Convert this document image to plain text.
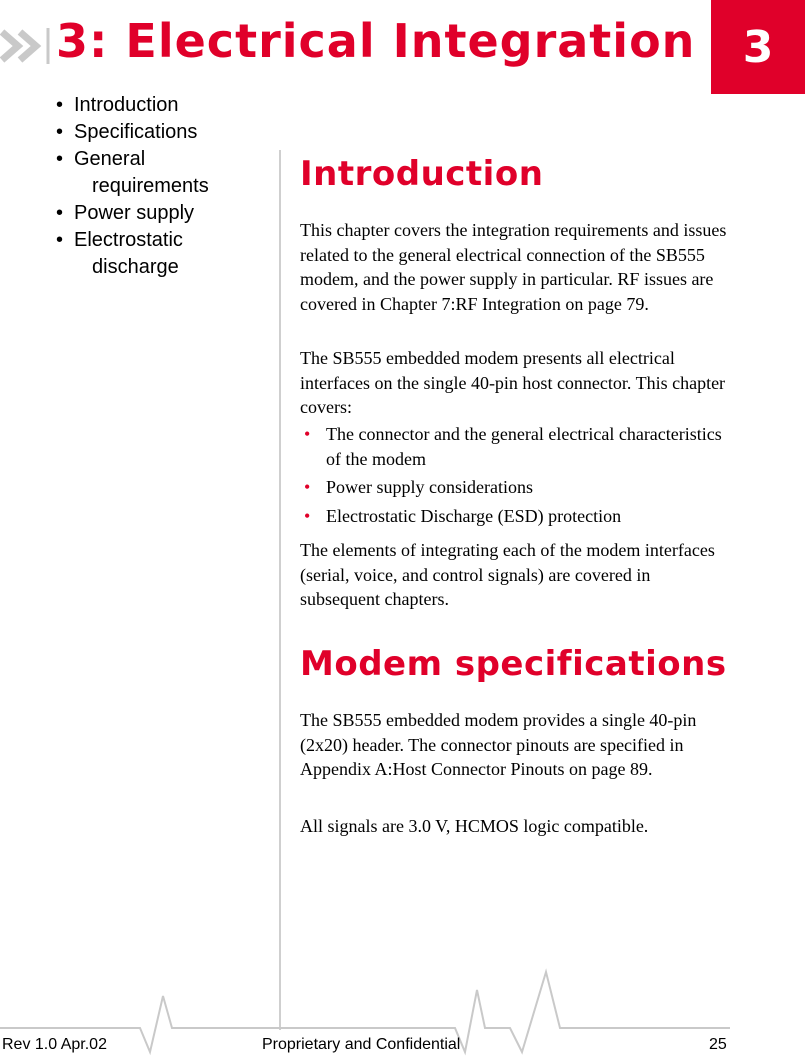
3: Electrical Integration 3
• Introduction
• Specifications
• General
requirements
• Power supply
• Electrostatic
discharge
Introduction

This chapter covers the integration requirements and issues related to the general electrical connection of the SB555 modem, and the power supply in particular. RF issues are covered in Chapter 7:RF Integration on page 79.

The SB555 embedded modem presents all electrical interfaces on the single 40-pin host connector. This chapter covers:

• The connector and the general electrical characteristics of the modem
• Power supply considerations
• Electrostatic Discharge (ESD) protection

The elements of integrating each of the modem interfaces (serial, voice, and control signals) are covered in subsequent chapters.

Modem specifications

The SB555 embedded modem provides a single 40-pin (2x20) header. The connector pinouts are specified in Appendix A:Host Connector Pinouts on page 89.

All signals are 3.0 V, HCMOS logic compatible.

Rev 1.0 Apr.02	Proprietary and Confidential	25
